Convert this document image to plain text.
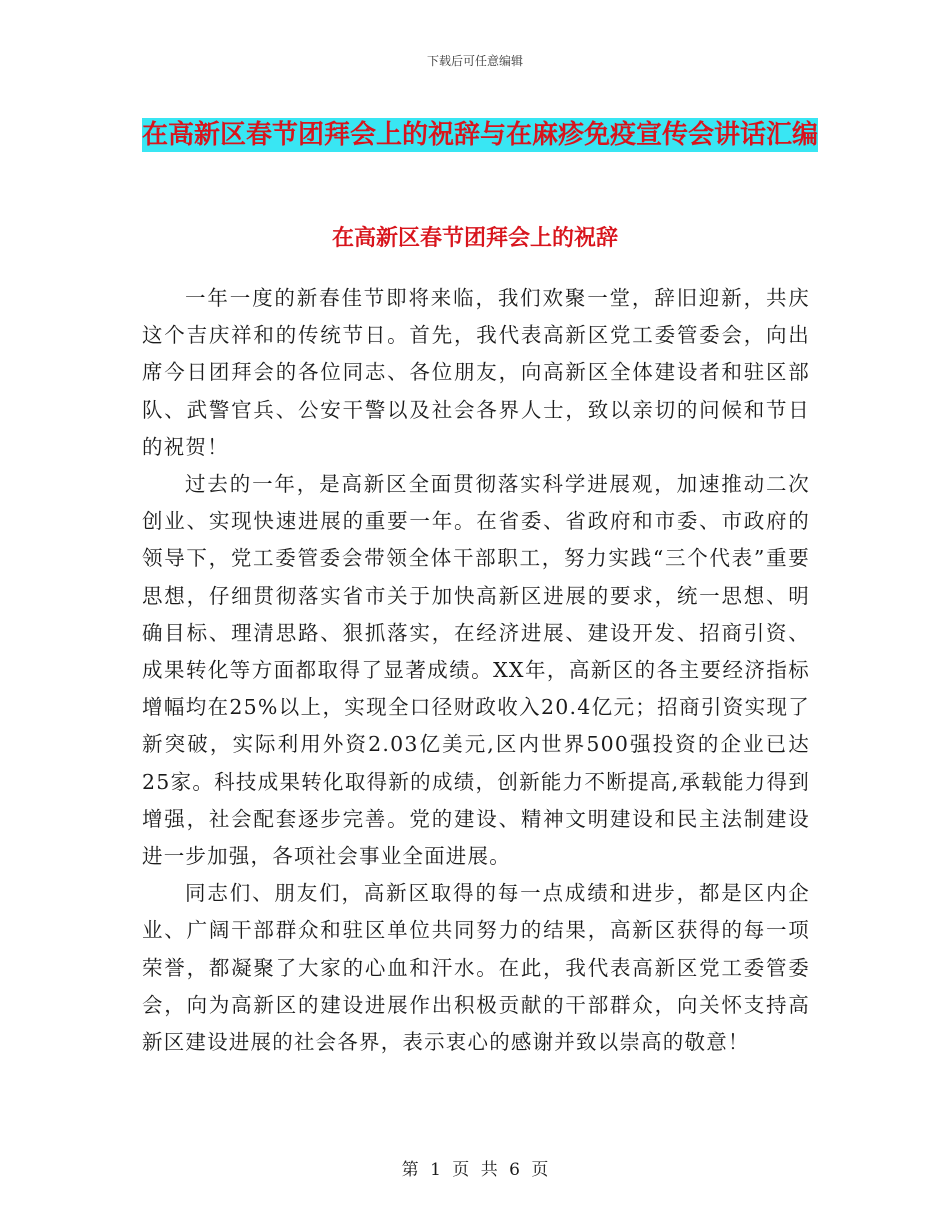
下载后可任意编辑
在高新区春节团拜会上的祝辞与在麻疹免疫宣传会讲话汇编
在高新区春节团拜会上的祝辞

一年一度的新春佳节即将来临，我们欢聚一堂，辞旧迎新，共庆这个吉庆祥和的传统节日。首先，我代表高新区党工委管委会，向出席今日团拜会的各位同志、各位朋友，向高新区全体建设者和驻区部队、武警官兵、公安干警以及社会各界人士，致以亲切的问候和节日的祝贺！

过去的一年，是高新区全面贯彻落实科学进展观，加速推动二次创业、实现快速进展的重要一年。在省委、省政府和市委、市政府的领导下，党工委管委会带领全体干部职工，努力实践“三个代表”重要思想，仔细贯彻落实省市关于加快高新区进展的要求，统一思想、明确目标、理清思路、狠抓落实，在经济进展、建设开发、招商引资、成果转化等方面都取得了显著成绩。XX年，高新区的各主要经济指标增幅均在25%以上，实现全口径财政收入20.4亿元；招商引资实现了新突破，实际利用外资2.03亿美元,区内世界500强投资的企业已达25家。科技成果转化取得新的成绩，创新能力不断提高,承载能力得到增强，社会配套逐步完善。党的建设、精神文明建设和民主法制建设进一步加强，各项社会事业全面进展。

同志们、朋友们，高新区取得的每一点成绩和进步，都是区内企业、广阔干部群众和驻区单位共同努力的结果，高新区获得的每一项荣誉，都凝聚了大家的心血和汗水。在此，我代表高新区党工委管委会，向为高新区的建设进展作出积极贡献的干部群众，向关怀支持高新区建设进展的社会各界，表示衷心的感谢并致以崇高的敬意！

第 1 页 共 6 页
